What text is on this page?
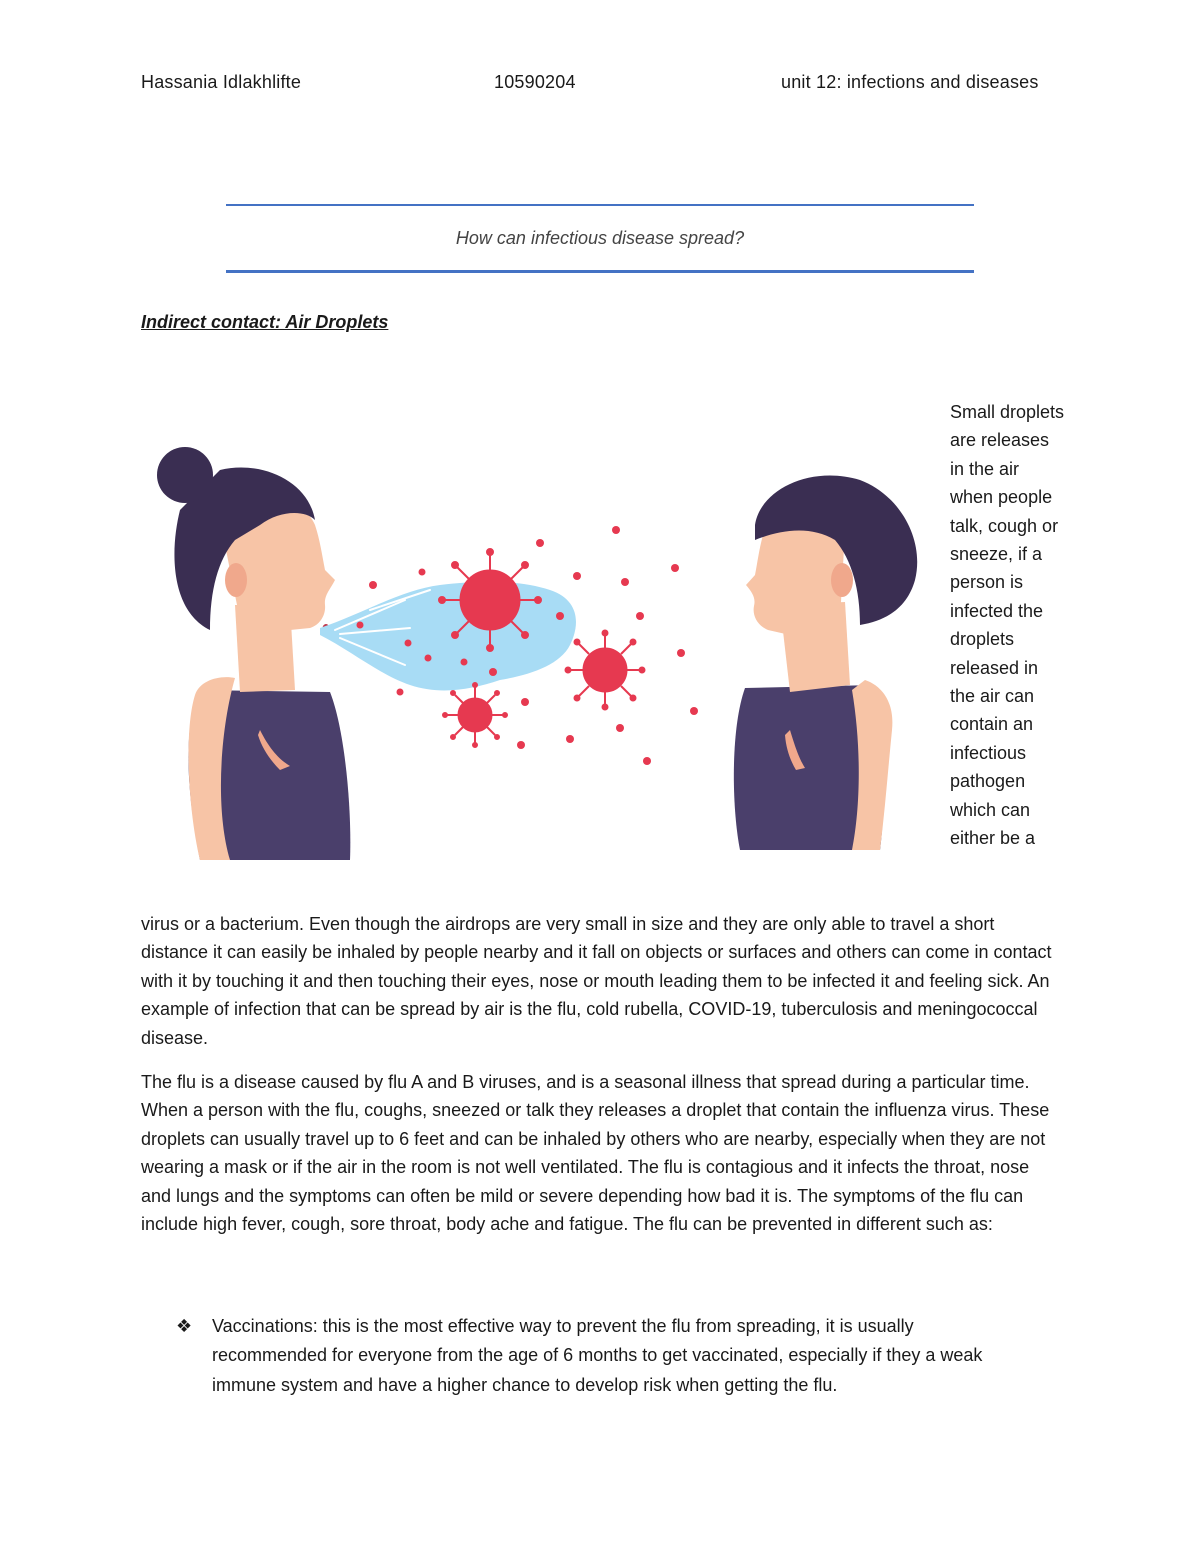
Hassania Idlakhlifte	10590204	unit 12: infections and diseases
How can infectious disease spread?
Indirect contact: Air Droplets
Small droplets are releases in the air when people talk, cough or sneeze, if a person is infected the droplets released in the air can contain an infectious pathogen which can either be a

virus or a bacterium. Even though the airdrops are very small in size and they are only able to travel a short distance it can easily be inhaled by people nearby and it fall on objects or surfaces and others can come in contact with it by touching it and then touching their eyes, nose or mouth leading them to be infected it and feeling sick. An example of infection that can be spread by air is the flu, cold rubella, COVID-19, tuberculosis and meningococcal disease.

The flu is a disease caused by flu A and B viruses, and is a seasonal illness that spread during a particular time. When a person with the flu, coughs, sneezed or talk they releases a droplet that contain the influenza virus. These droplets can usually travel up to 6 feet and can be inhaled by others who are nearby, especially when they are not wearing a mask or if the air in the room is not well ventilated. The flu is contagious and it infects the throat, nose and lungs and the symptoms can often be mild or severe depending how bad it is. The symptoms of the flu can include high fever, cough, sore throat, body ache and fatigue. The flu can be prevented in different such as:

❖ Vaccinations: this is the most effective way to prevent the flu from spreading, it is usually recommended for everyone from the age of 6 months to get vaccinated, especially if they a weak immune system and have a higher chance to develop risk when getting the flu.
